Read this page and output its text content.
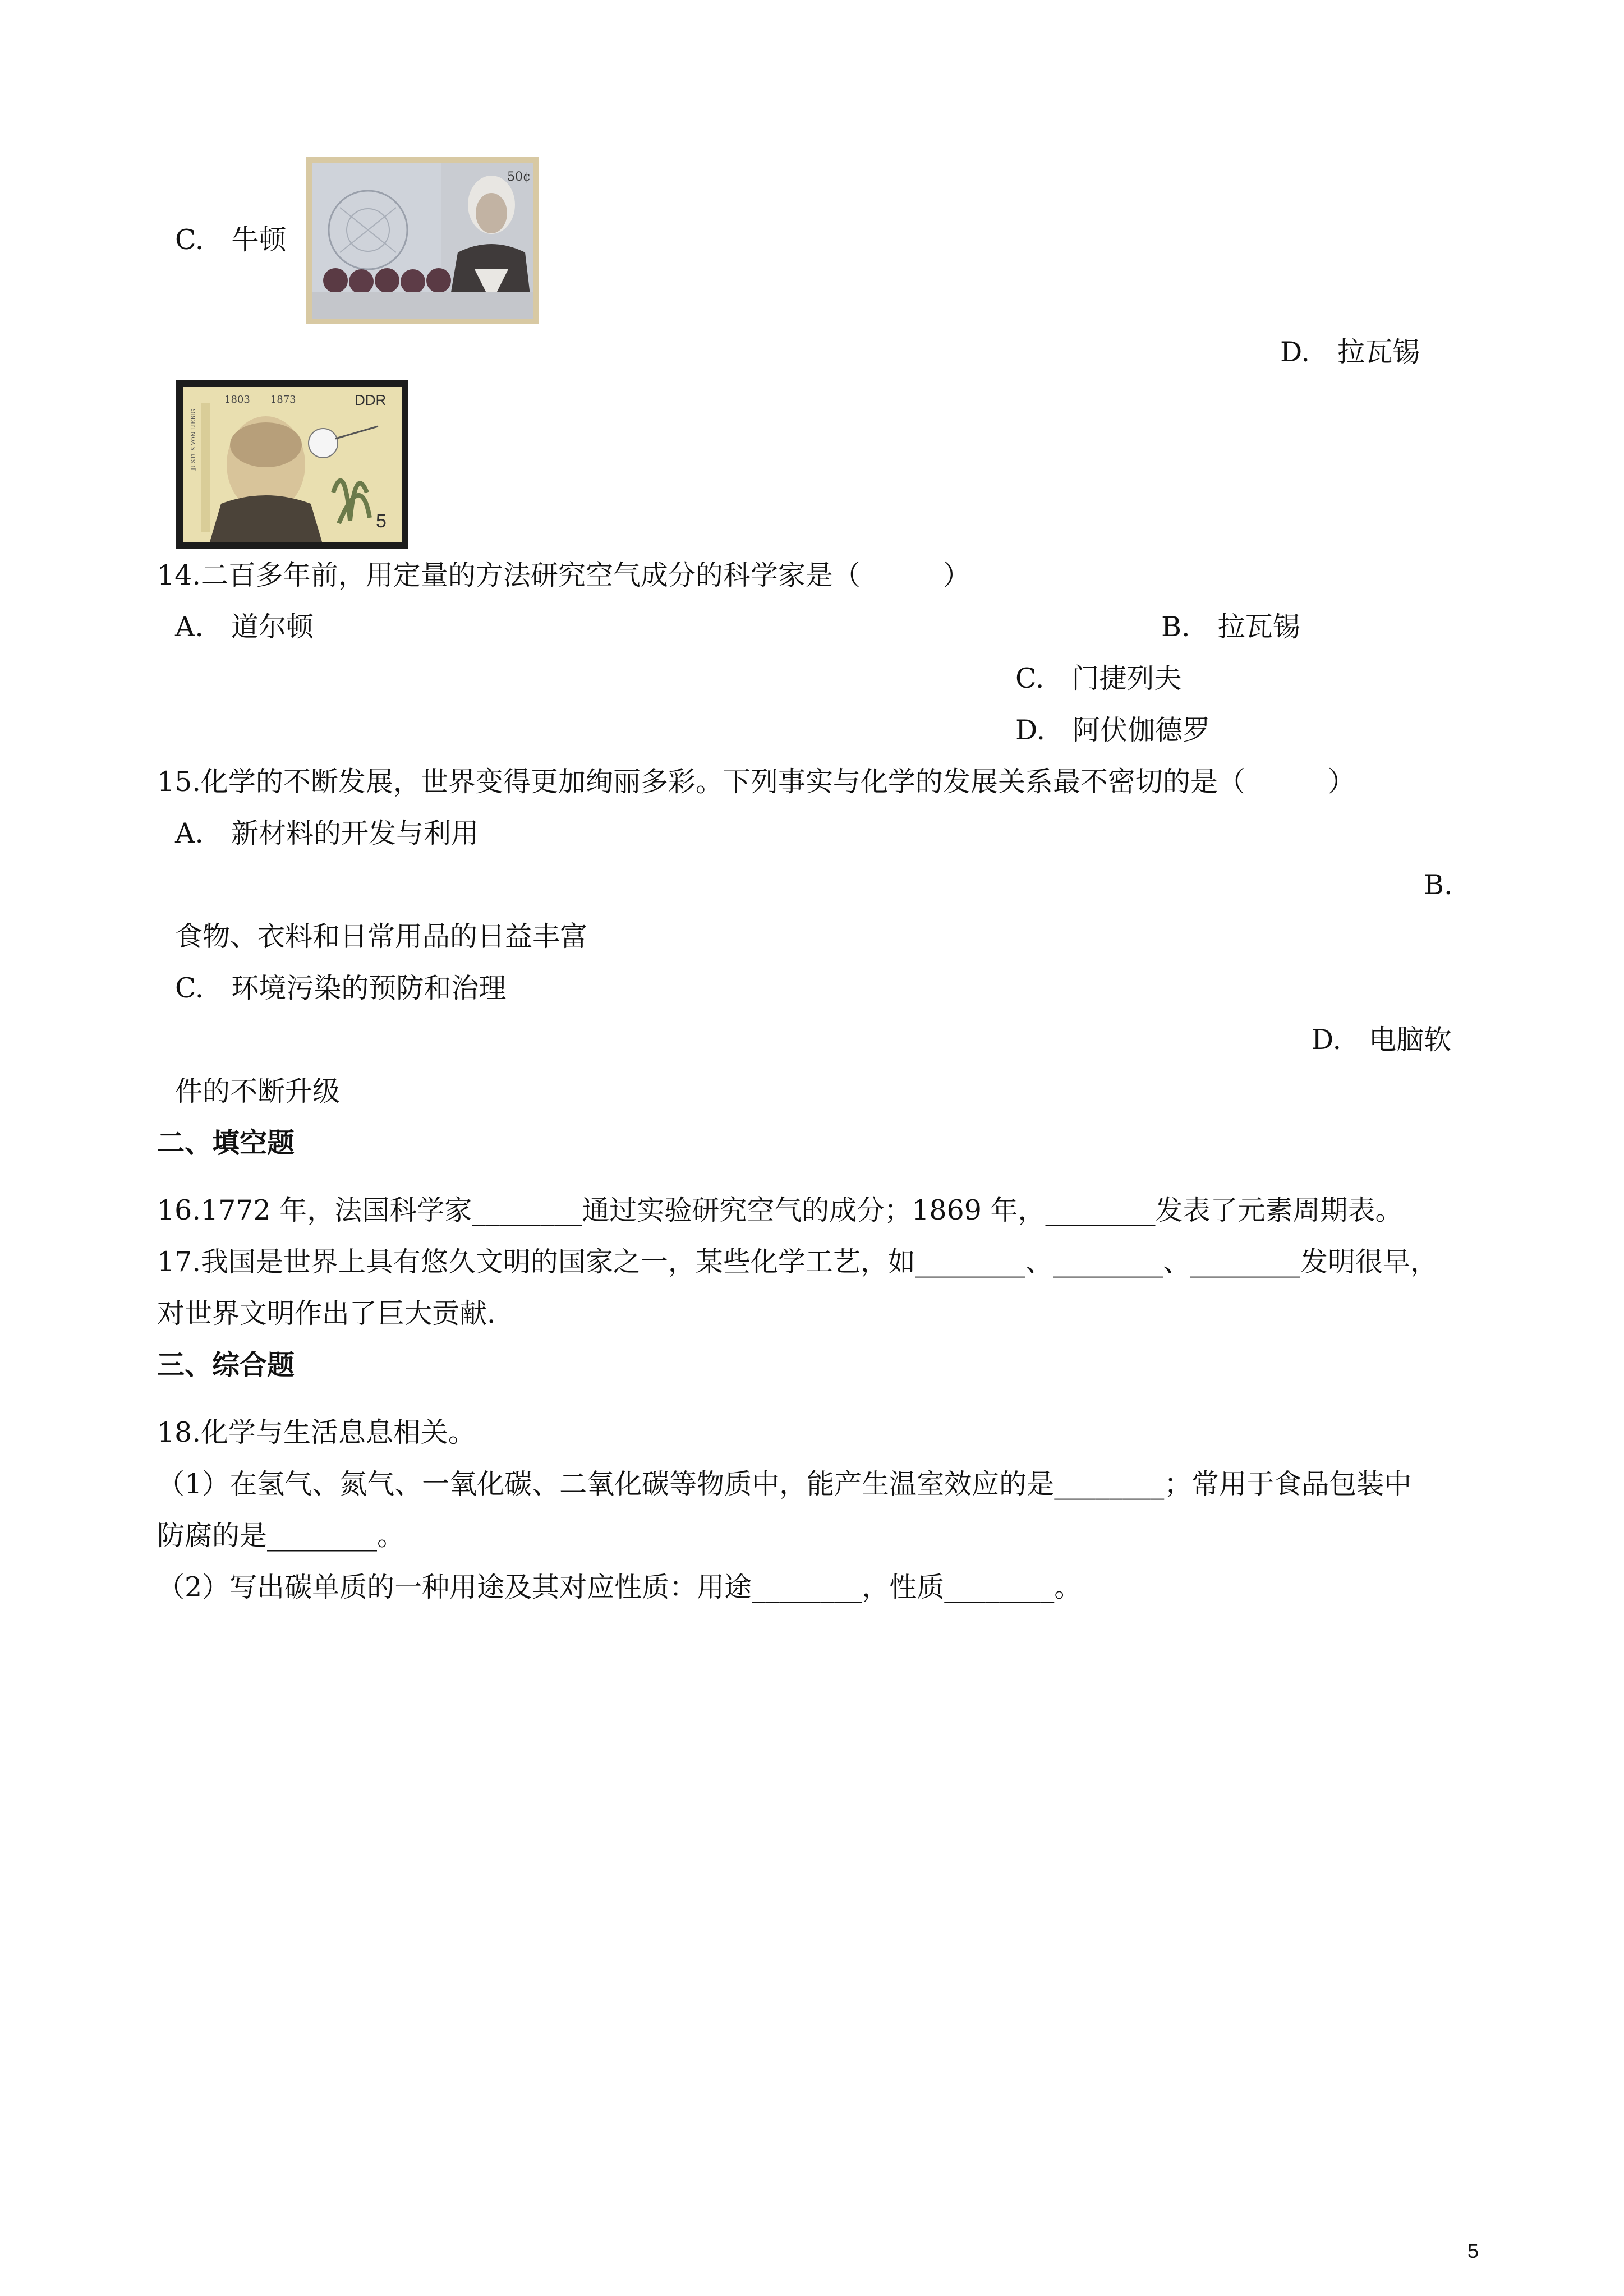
C.　牛顿
50¢
D.　拉瓦锡
1803　　1873	DDR
JUSTUS VON LIEBIG
5
14.二百多年前，用定量的方法研究空气成分的科学家是（　　　）
A.　道尔顿	B.　拉瓦锡
C.　门捷列夫
D.　阿伏伽德罗
15.化学的不断发展，世界变得更加绚丽多彩。下列事实与化学的发展关系最不密切的是（　　　）
A.　新材料的开发与利用
B.
食物、衣料和日常用品的日益丰富
C.　环境污染的预防和治理
D.　电脑软
件的不断升级
二、填空题
16.1772 年，法国科学家________通过实验研究空气的成分；1869 年，________发表了元素周期表。
17.我国是世界上具有悠久文明的国家之一，某些化学工艺，如________、________、________发明很早，
对世界文明作出了巨大贡献.
三、综合题
18.化学与生活息息相关。
（1）在氢气、氮气、一氧化碳、二氧化碳等物质中，能产生温室效应的是________；常用于食品包装中
防腐的是________。
（2）写出碳单质的一种用途及其对应性质：用途________，性质________。
5
